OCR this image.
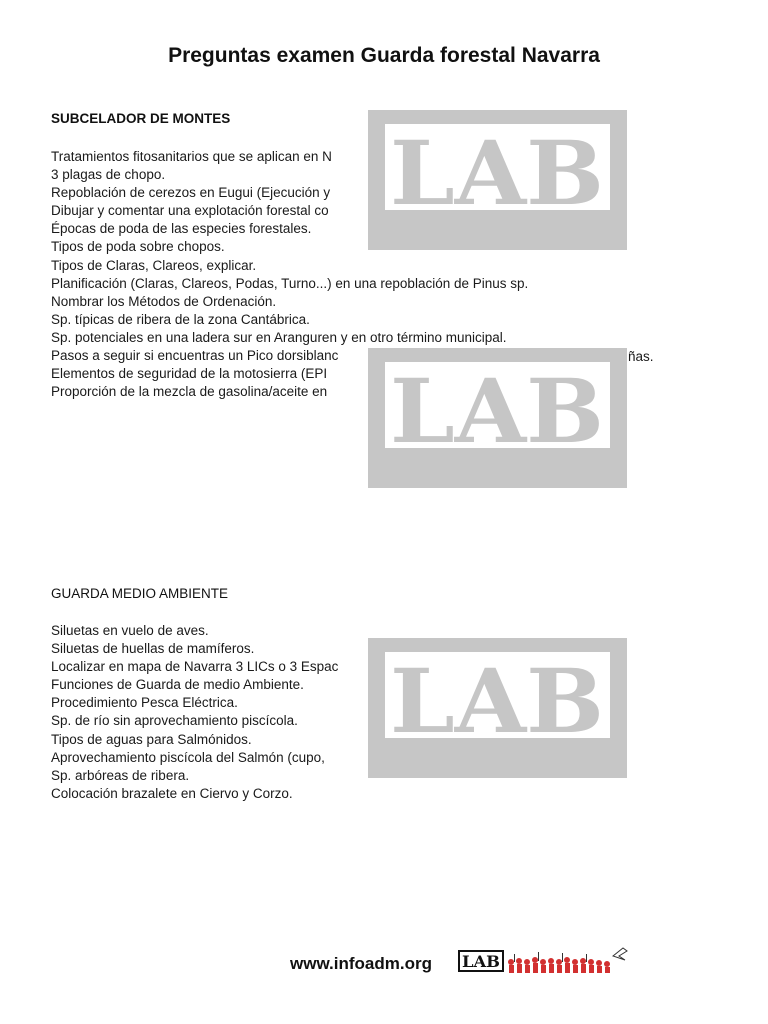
Preguntas examen Guarda forestal Navarra
SUBCELADOR DE MONTES
Tratamientos fitosanitarios que se aplican en N
3 plagas de chopo.
Repoblación de cerezos en Eugui (Ejecución y
Dibujar y comentar una explotación forestal co
Épocas de poda de las especies forestales.
Tipos de poda sobre chopos.
Tipos de Claras, Clareos, explicar.
Planificación (Claras, Clareos, Podas, Turno...) en una repoblación de Pinus sp.
Nombrar los Métodos de Ordenación.
Sp. típicas de ribera de la zona Cantábrica.
Sp. potenciales en una ladera sur en Aranguren y en otro término municipal.
Pasos a seguir si encuentras un Pico dorsiblanc
Elementos de seguridad de la motosierra (EPI
Proporción de la mezcla de gasolina/aceite en
ñas.
GUARDA MEDIO AMBIENTE
Siluetas en vuelo de aves.
Siluetas de huellas de mamíferos.
Localizar en mapa de Navarra 3 LICs o 3 Espac
Funciones de Guarda de medio Ambiente.
Procedimiento Pesca Eléctrica.
Sp. de río sin aprovechamiento piscícola.
Tipos de aguas para Salmónidos.
Aprovechamiento piscícola del Salmón (cupo,
Sp. arbóreas de ribera.
Colocación brazalete en Ciervo y Corzo.
LAB
LAB
LAB
www.infoadm.org LAB
